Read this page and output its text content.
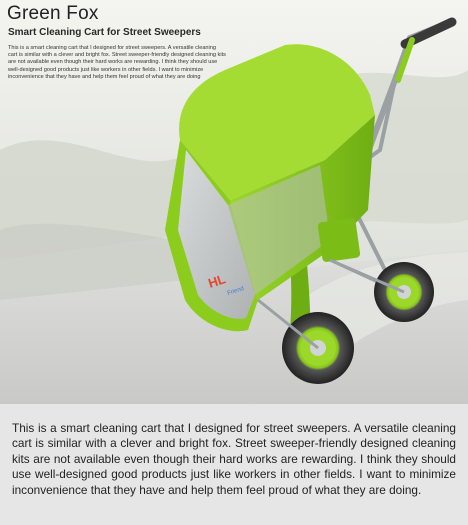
HL
Friend
Green Fox
Smart Cleaning Cart for Street Sweepers
This is a smart cleaning cart that I designed for street sweepers. A versatile cleaning cart is similar with a clever and bright fox. Street sweeper-friendly designed cleaning kits are not available even though their hard works are rewarding. I think they should use well-designed good products just like workers in other fields. I want to minimize inconvenience that they have and help them feel proud of what they are doing

This is a smart cleaning cart that I designed for street sweepers. A versatile cleaning cart is similar with a clever and bright fox. Street sweeper-friendly designed cleaning kits are not available even though their hard works are rewarding. I think they should use well-designed good products just like workers in other fields. I want to minimize inconvenience that they have and help them feel proud of what they are doing.
